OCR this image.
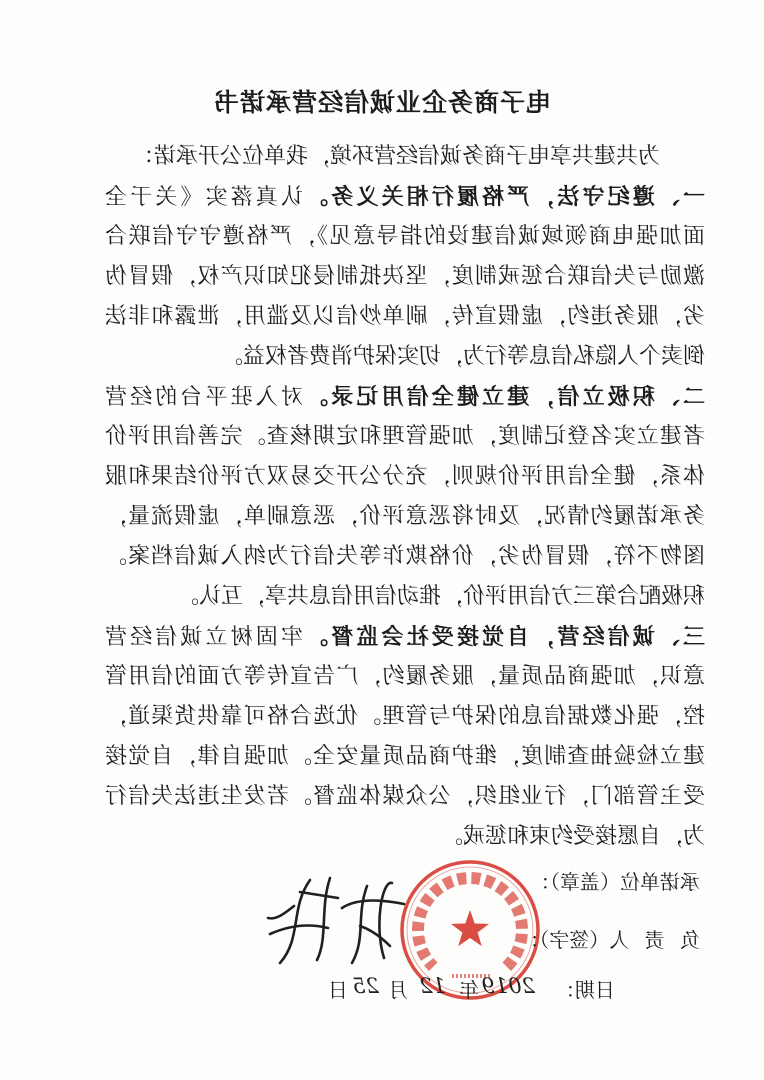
电子商务企业诚信经营承诺书
为共建共享电子商务诚信经营环境，我单位公开承诺：
一、遵纪守法，严格履行相关义务。认真落实《关于全
面加强电商领域诚信建设的指导意见》，严格遵守守信联合
激励与失信联合惩戒制度，坚决抵制侵犯知识产权，假冒伪
劣，服务违约，虚假宣传，刷单炒信以及滥用，泄露和非法
倒卖个人隐私信息等行为，切实保护消费者权益。
二、积极立信，建立健全信用记录。对入驻平台的经营
者建立实名登记制度，加强管理和定期核查。完善信用评价
体系，健全信用评价规则，充分公开交易双方评价结果和服
务承诺履约情况，及时将恶意评价，恶意刷单，虚假流量，
图物不符，假冒伪劣，价格欺诈等失信行为纳入诚信档案。
积极配合第三方信用评价，推动信用信息共享，互认。
三、诚信经营，自觉接受社会监督。牢固树立诚信经营
意识，加强商品质量，服务履约，广告宣传等方面的信用管
控，强化数据信息的保护与管理。优选合格可靠供货渠道，
建立检验抽查制度，维护商品质量安全。加强自律，自觉接
受主管部门，行业组织，公众媒体监督。若发生违法失信行
为，自愿接受约束和惩戒。
承诺单位（盖章）：
负 责 人（签字）：
日期：
2019
年
12
月
25
日
